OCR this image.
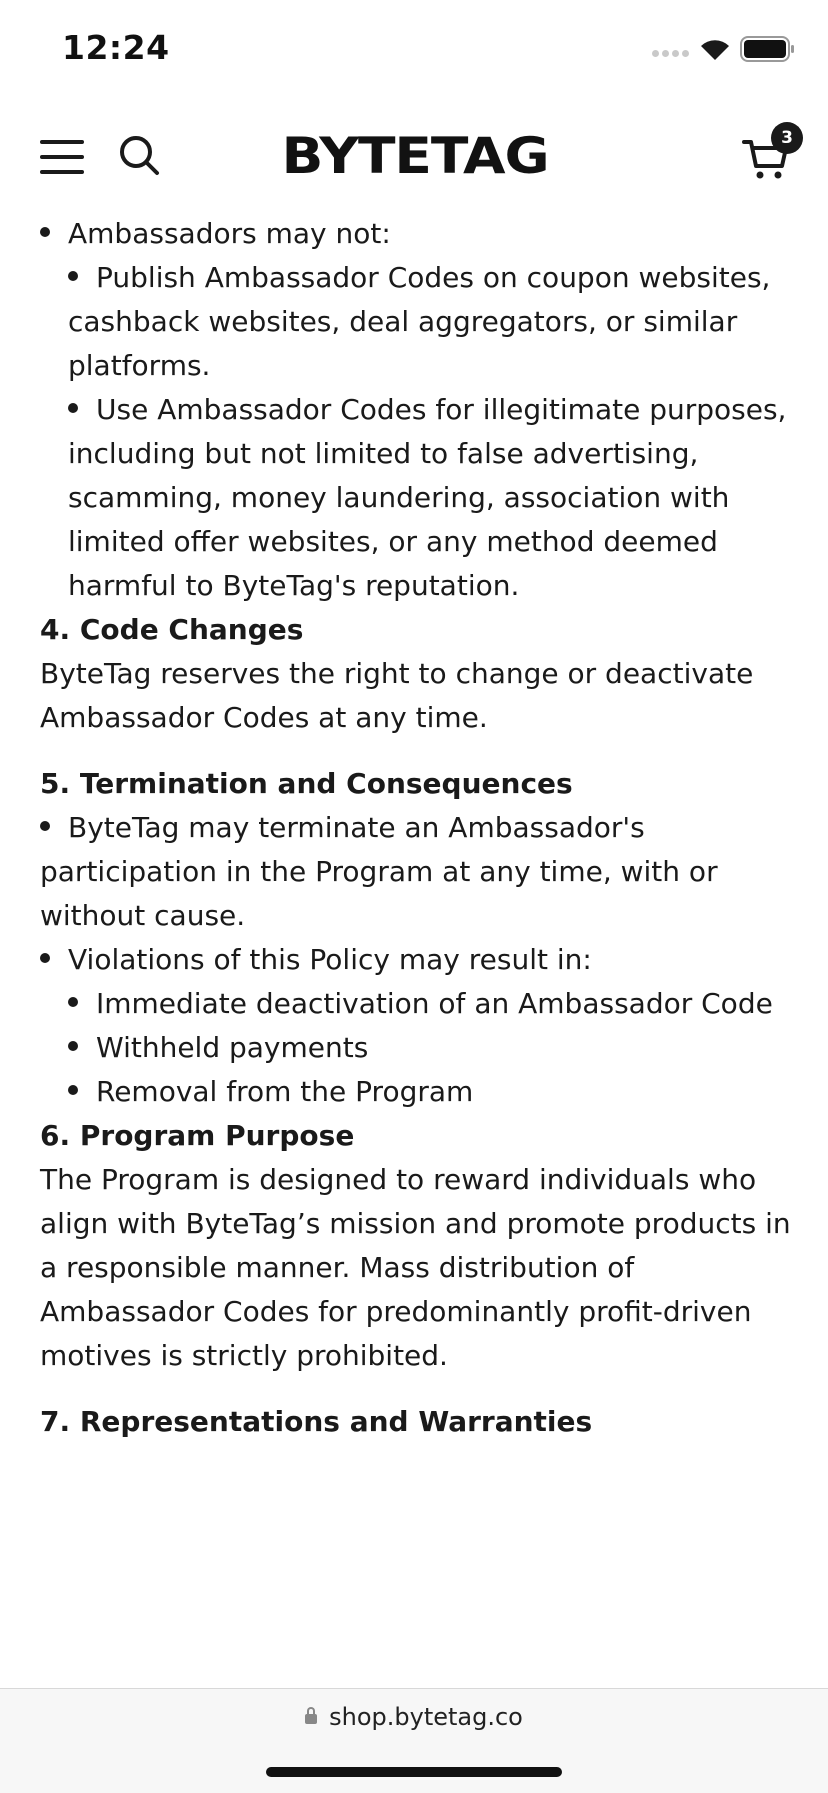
12:24
BYTETAG	3

Ambassadors may not:

Publish Ambassador Codes on coupon websites, cashback websites, deal aggregators, or similar platforms.

Use Ambassador Codes for illegitimate purposes, including but not limited to false advertising, scamming, money laundering, association with limited offer websites, or any method deemed harmful to ByteTag's reputation.

4. Code Changes

ByteTag reserves the right to change or deactivate Ambassador Codes at any time.

5. Termination and Consequences

ByteTag may terminate an Ambassador's participation in the Program at any time, with or without cause.

Violations of this Policy may result in:

Immediate deactivation of an Ambassador Code

Withheld payments

Removal from the Program

6. Program Purpose

The Program is designed to reward individuals who align with ByteTag’s mission and promote products in a responsible manner. Mass distribution of Ambassador Codes for predominantly profit-driven motives is strictly prohibited.

7. Representations and Warranties

shop.bytetag.co
